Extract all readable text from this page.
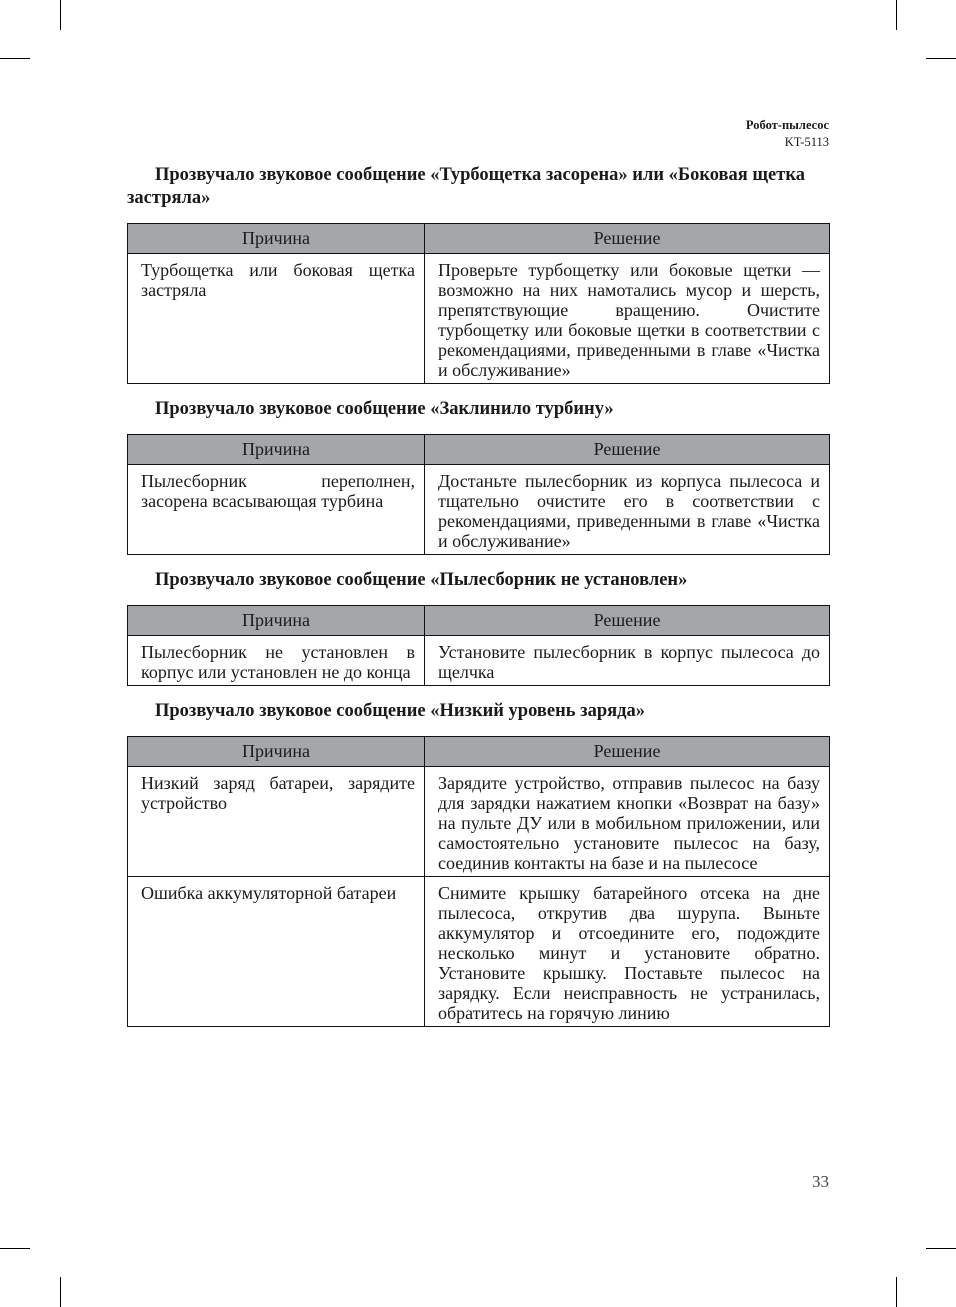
Робот-пылесос
KT-5113
Прозвучало звуковое сообщение «Турбощетка засорена» или «Боковая щетка застряла»
Причина	Решение
Турбощетка или боковая щетка застряла	Проверьте турбощетку или боковые щетки — возможно на них намотались мусор и шерсть, препятствующие вращению. Очистите турбощетку или боковые щетки в соответствии с рекомендациями, приведенными в главе «Чистка и обслуживание»
Прозвучало звуковое сообщение «Заклинило турбину»
Причина	Решение
Пылесборник переполнен, засорена всасывающая турбина	Достаньте пылесборник из корпуса пылесоса и тщательно очистите его в соответствии с рекомендациями, приведенными в главе «Чистка и обслуживание»
Прозвучало звуковое сообщение «Пылесборник не установлен»
Причина	Решение
Пылесборник не установлен в корпус или установлен не до конца	Установите пылесборник в корпус пылесоса до щелчка
Прозвучало звуковое сообщение «Низкий уровень заряда»
Причина	Решение
Низкий заряд батареи, зарядите устройство	Зарядите устройство, отправив пылесос на базу для зарядки нажатием кнопки «Возврат на базу» на пульте ДУ или в мобильном приложении, или самостоятельно установите пылесос на базу, соединив контакты на базе и на пылесосе
Ошибка аккумуляторной батареи	Снимите крышку батарейного отсека на дне пылесоса, открутив два шурупа. Выньте аккумулятор и отсоедините его, подождите несколько минут и установите обратно. Установите крышку. Поставьте пылесос на зарядку. Если неисправность не устранилась, обратитесь на горячую линию
33
